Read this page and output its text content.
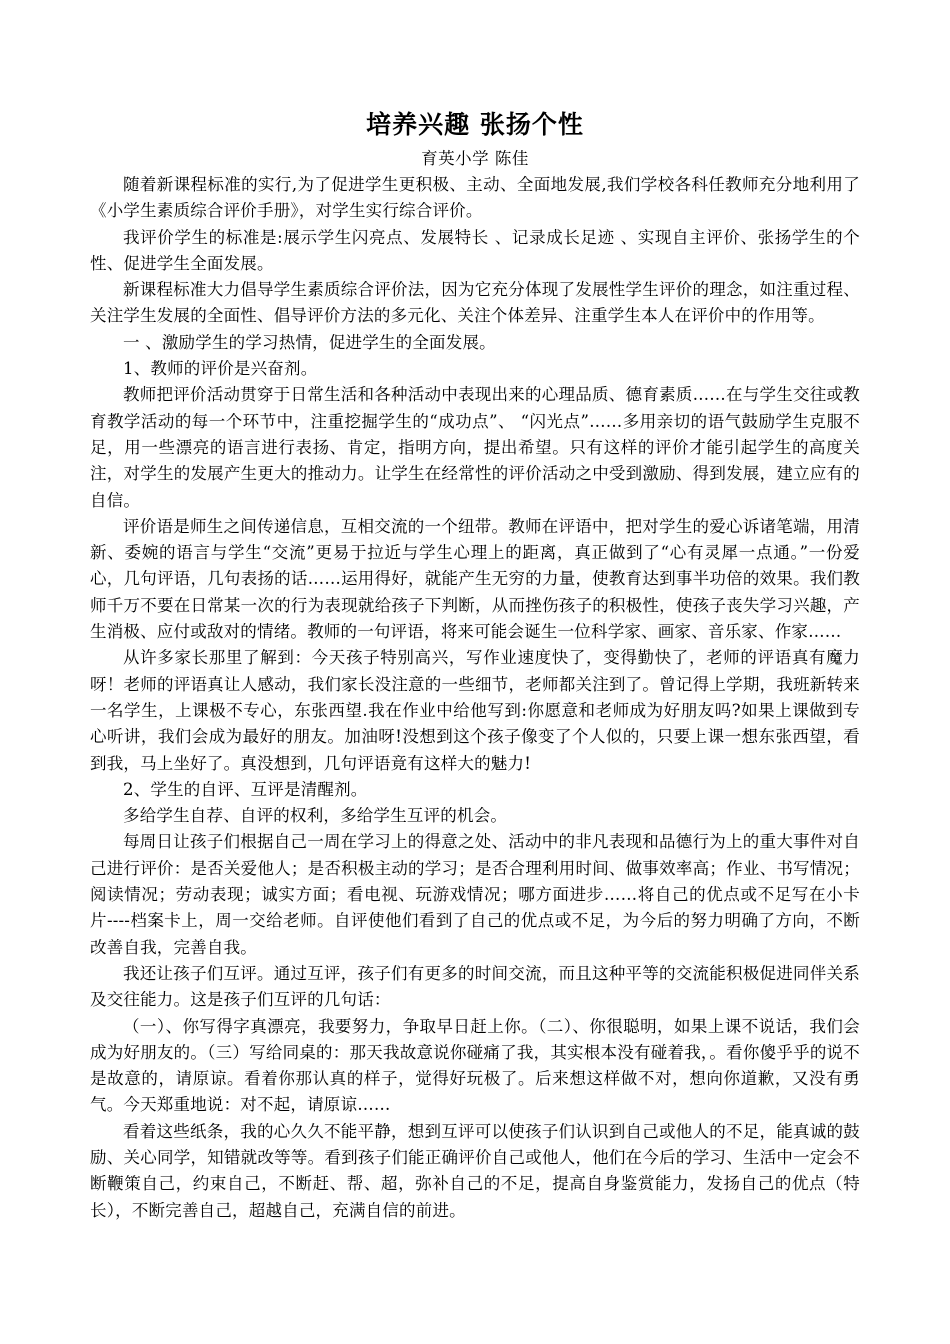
培养兴趣 张扬个性
育英小学 陈佳

随着新课程标准的实行,为了促进学生更积极、主动、全面地发展,我们学校各科任教师充分地利用了《小学生素质综合评价手册》，对学生实行综合评价。

我评价学生的标准是:展示学生闪亮点、发展特长 、记录成长足迹 、实现自主评价、张扬学生的个性、促进学生全面发展。

新课程标准大力倡导学生素质综合评价法，因为它充分体现了发展性学生评价的理念，如注重过程、关注学生发展的全面性、倡导评价方法的多元化、关注个体差异、注重学生本人在评价中的作用等。

一 、激励学生的学习热情，促进学生的全面发展。

1、教师的评价是兴奋剂。

教师把评价活动贯穿于日常生活和各种活动中表现出来的心理品质、德育素质……在与学生交往或教育教学活动的每一个环节中，注重挖掘学生的“成功点”、 “闪光点”……多用亲切的语气鼓励学生克服不足，用一些漂亮的语言进行表扬、肯定，指明方向，提出希望。只有这样的评价才能引起学生的高度关注，对学生的发展产生更大的推动力。让学生在经常性的评价活动之中受到激励、得到发展，建立应有的自信。

评价语是师生之间传递信息，互相交流的一个纽带。教师在评语中，把对学生的爱心诉诸笔端，用清新、委婉的语言与学生“交流”更易于拉近与学生心理上的距离，真正做到了“心有灵犀一点通。”一份爱心，几句评语，几句表扬的话……运用得好，就能产生无穷的力量，使教育达到事半功倍的效果。我们教师千万不要在日常某一次的行为表现就给孩子下判断，从而挫伤孩子的积极性，使孩子丧失学习兴趣，产生消极、应付或敌对的情绪。教师的一句评语，将来可能会诞生一位科学家、画家、音乐家、作家……

从许多家长那里了解到：今天孩子特别高兴，写作业速度快了，变得勤快了，老师的评语真有魔力呀！老师的评语真让人感动，我们家长没注意的一些细节，老师都关注到了。曾记得上学期，我班新转来一名学生，上课极不专心，东张西望.我在作业中给他写到:你愿意和老师成为好朋友吗?如果上课做到专心听讲，我们会成为最好的朋友。加油呀!没想到这个孩子像变了个人似的，只要上课一想东张西望，看到我，马上坐好了。真没想到，几句评语竟有这样大的魅力!

2、学生的自评、互评是清醒剂。

多给学生自荐、自评的权利，多给学生互评的机会。

每周日让孩子们根据自己一周在学习上的得意之处、活动中的非凡表现和品德行为上的重大事件对自己进行评价：是否关爱他人；是否积极主动的学习；是否合理利用时间、做事效率高；作业、书写情况；阅读情况；劳动表现；诚实方面；看电视、玩游戏情况；哪方面进步……将自己的优点或不足写在小卡片----档案卡上，周一交给老师。自评使他们看到了自己的优点或不足，为今后的努力明确了方向，不断改善自我，完善自我。

我还让孩子们互评。通过互评，孩子们有更多的时间交流，而且这种平等的交流能积极促进同伴关系及交往能力。这是孩子们互评的几句话：

（一）、你写得字真漂亮，我要努力，争取早日赶上你。（二）、你很聪明，如果上课不说话，我们会成为好朋友的。（三）写给同桌的：那天我故意说你碰痛了我，其实根本没有碰着我，。看你傻乎乎的说不是故意的，请原谅。看着你那认真的样子，觉得好玩极了。后来想这样做不对，想向你道歉，又没有勇气。今天郑重地说：对不起，请原谅……

看着这些纸条，我的心久久不能平静，想到互评可以使孩子们认识到自己或他人的不足，能真诚的鼓励、关心同学，知错就改等等。看到孩子们能正确评价自己或他人，他们在今后的学习、生活中一定会不断鞭策自己，约束自己，不断赶、帮、超，弥补自己的不足，提高自身鉴赏能力，发扬自己的优点（特长），不断完善自己，超越自己，充满自信的前进。
